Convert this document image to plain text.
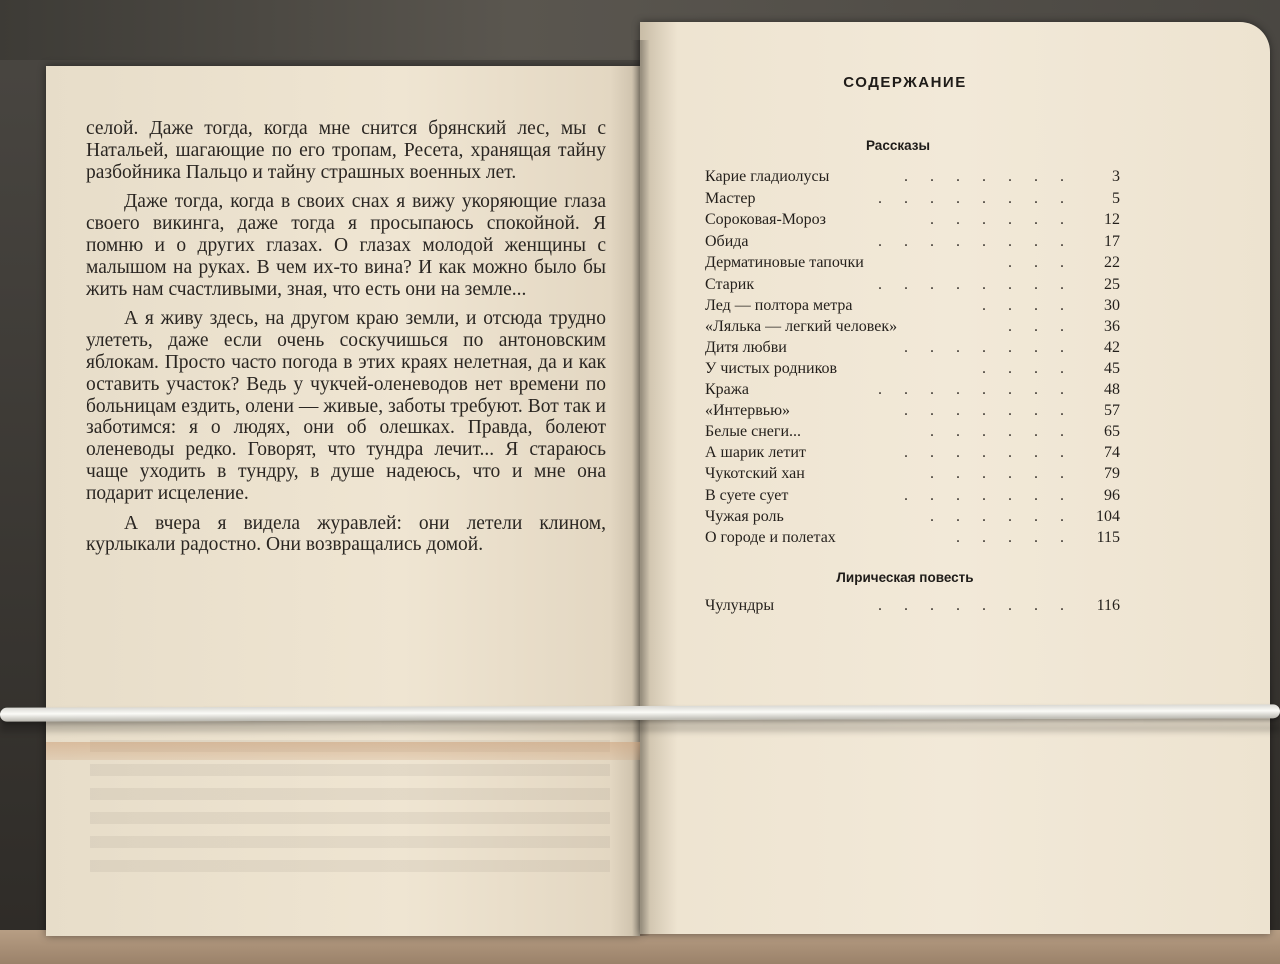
селой. Даже тогда, когда мне снится брянский лес, мы с Натальей, шагающие по его тропам, Ресета, хранящая тайну разбойника Пальцо и тайну страшных военных лет.

Даже тогда, когда в своих снах я вижу укоряющие глаза своего викинга, даже тогда я просыпаюсь спокойной. Я помню и о других глазах. О глазах молодой женщины с малышом на руках. В чем их-то вина? И как можно было бы жить нам счастливыми, зная, что есть они на земле...

А я живу здесь, на другом краю земли, и отсюда трудно улететь, даже если очень соскучишься по антоновским яблокам. Просто часто погода в этих краях нелетная, да и как оставить участок? Ведь у чукчей-оленеводов нет времени по больницам ездить, олени — живые, заботы требуют. Вот так и заботимся: я о людях, они об олешках. Правда, болеют оленеводы редко. Говорят, что тундра лечит... Я стараюсь чаще уходить в тундру, в душе надеюсь, что и мне она подарит исцеление.

А вчера я видела журавлей: они летели клином, курлыкали радостно. Они возвращались домой.

СОДЕРЖАНИЕ
Рассказы
Карие гладиолусы	....... 3
Мастер	........ 5
Сороковая-Мороз	...... 12
Обида	........ 17
Дерматиновые тапочки	... 22
Старик	........ 25
Лед — полтора метра	.... 30
«Лялька — легкий человек»	... 36
Дитя любви	....... 42
У чистых родников	.... 45
Кража	........ 48
«Интервью»	....... 57
Белые снеги...	...... 65
А шарик летит	....... 74
Чукотский хан	...... 79
В суете сует	....... 96
Чужая роль	...... 104
О городе и полетах	..... 115
Лирическая повесть
Чулундры	........ 116
